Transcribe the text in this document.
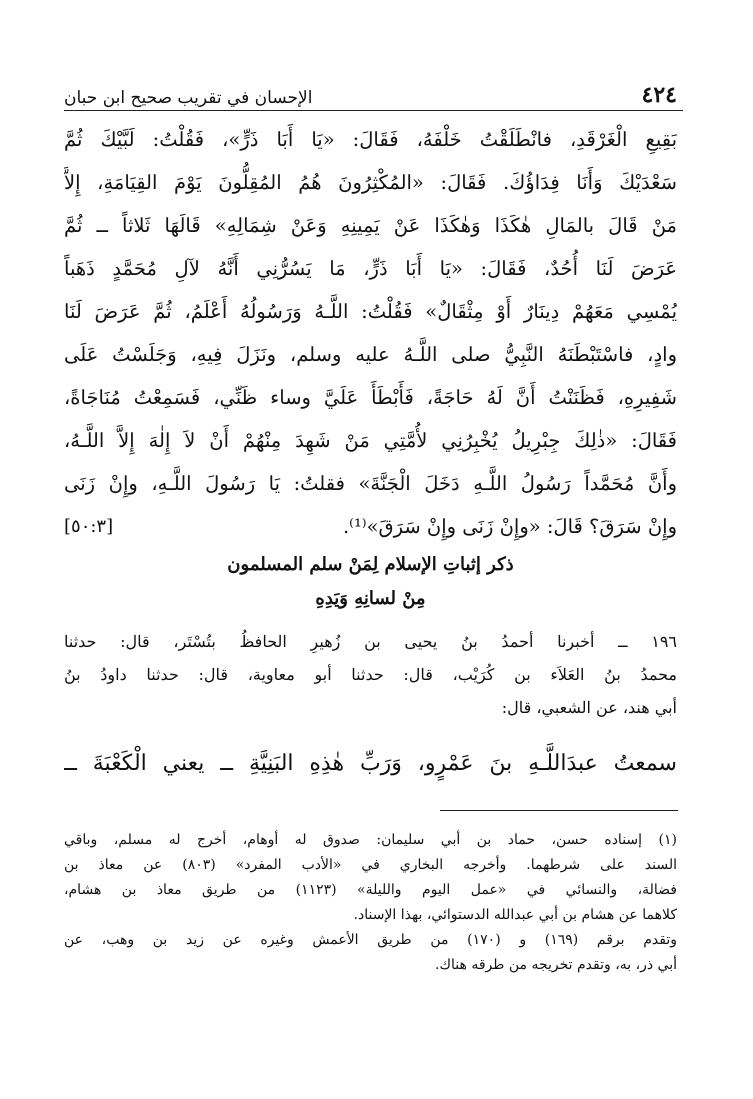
٤٢٤
الإحسان في تقريب صحيح ابن حبان
بَقِيعِ الْغَرْقَدِ، فانْطَلَقْتُ خَلْفَهُ، فَقَالَ: «يَا أَبَا ذَرٍّ»، فَقُلْتُ: لَبَّيْكَ ثُمَّ
سَعْدَيْكَ وَأَنَا فِدَاؤُكَ. فَقَالَ: «المُكْثِرُونَ هُمُ المُقِلُّونَ يَوْمَ القِيَامَةِ، إِلاَّ
مَنْ قَالَ بالمَالِ هٰكَذَا وَهٰكَذَا عَنْ يَمِينِهِ وَعَنْ شِمَالِهِ» قَالَهَا ثَلاثاً ــ ثُمَّ
عَرَضَ لَنَا أُحُدٌ، فَقَالَ: «يَا أَبَا ذَرٍّ، مَا يَسُرُّنِي أَنَّهُ لآلِ مُحَمَّدٍ ذَهَباً
يُمْسِي مَعَهُمْ دِينَارٌ أَوْ مِثْقَالٌ» فَقُلْتُ: اللَّـهُ وَرَسُولُهُ أَعْلَمُ، ثُمَّ عَرَضَ لَنَا
وادٍ، فاسْتَبْطَنَهُ النَّبِيُّ صلى اللَّـهُ عليه وسلم، ونَزَلَ فِيهِ، وَجَلَسْتُ عَلَى
شَفِيرِهِ، فَظَنَنْتُ أَنَّ لَهُ حَاجَةً، فَأَبْطَأَ عَلَيَّ وساء ظَنِّي، فَسَمِعْتُ مُنَاجَاةً،
فَقَالَ: «ذٰلِكَ جِبْرِيلُ يُخْبِرُنِي لأُمَّتِي مَنْ شَهِدَ مِنْهُمْ أَنْ لاَ إِلٰهَ إِلاَّ اللَّـهُ،
وأَنَّ مُحَمَّداً رَسُولُ اللَّـهِ دَخَلَ الْجَنَّةَ» فقلتُ: يَا رَسُولَ اللَّـهِ، وإِنْ زَنَى
وإِنْ سَرَقَ؟ قَالَ: «وإِنْ زَنَى وإِنْ سَرَقَ»⁽¹⁾.
[٥٠:٣]
ذكر إثباتِ الإسلام لِمَنْ سلم المسلمون
مِنْ لسانِهِ وَيَدِهِ
١٩٦ ــ أخبرنا أحمدُ بنُ يحيى بن زُهيرِ الحافظُ بتُسْتَر، قال: حدثنا
محمدُ بنُ العَلاَء بن كُرَيْب، قال: حدثنا أبو معاوية، قال: حدثنا داودُ بنُ
أبي هند، عن الشعبي، قال:
سمعتُ عبدَاللَّـهِ بنَ عَمْرٍو، وَرَبِّ هٰذِهِ البَنِيَّةِ ــ يعني الْكَعْبَةَ ــ
(١) إسناده حسن، حماد بن أبي سليمان: صدوق له أوهام، أخرج له مسلم، وباقي
السند على شرطهما. وأخرجه البخاري في «الأدب المفرد» (٨٠٣) عن معاذ بن
فضالة، والنسائي في «عمل اليوم والليلة» (١١٢٣) من طريق معاذ بن هشام،
كلاهما عن هشام بن أبي عبدالله الدستوائي، بهذا الإسناد.
وتقدم برقم (١٦٩) و (١٧٠) من طريق الأعمش وغيره عن زيد بن وهب، عن
أبي ذر، به، وتقدم تخريجه من طرقه هناك.
